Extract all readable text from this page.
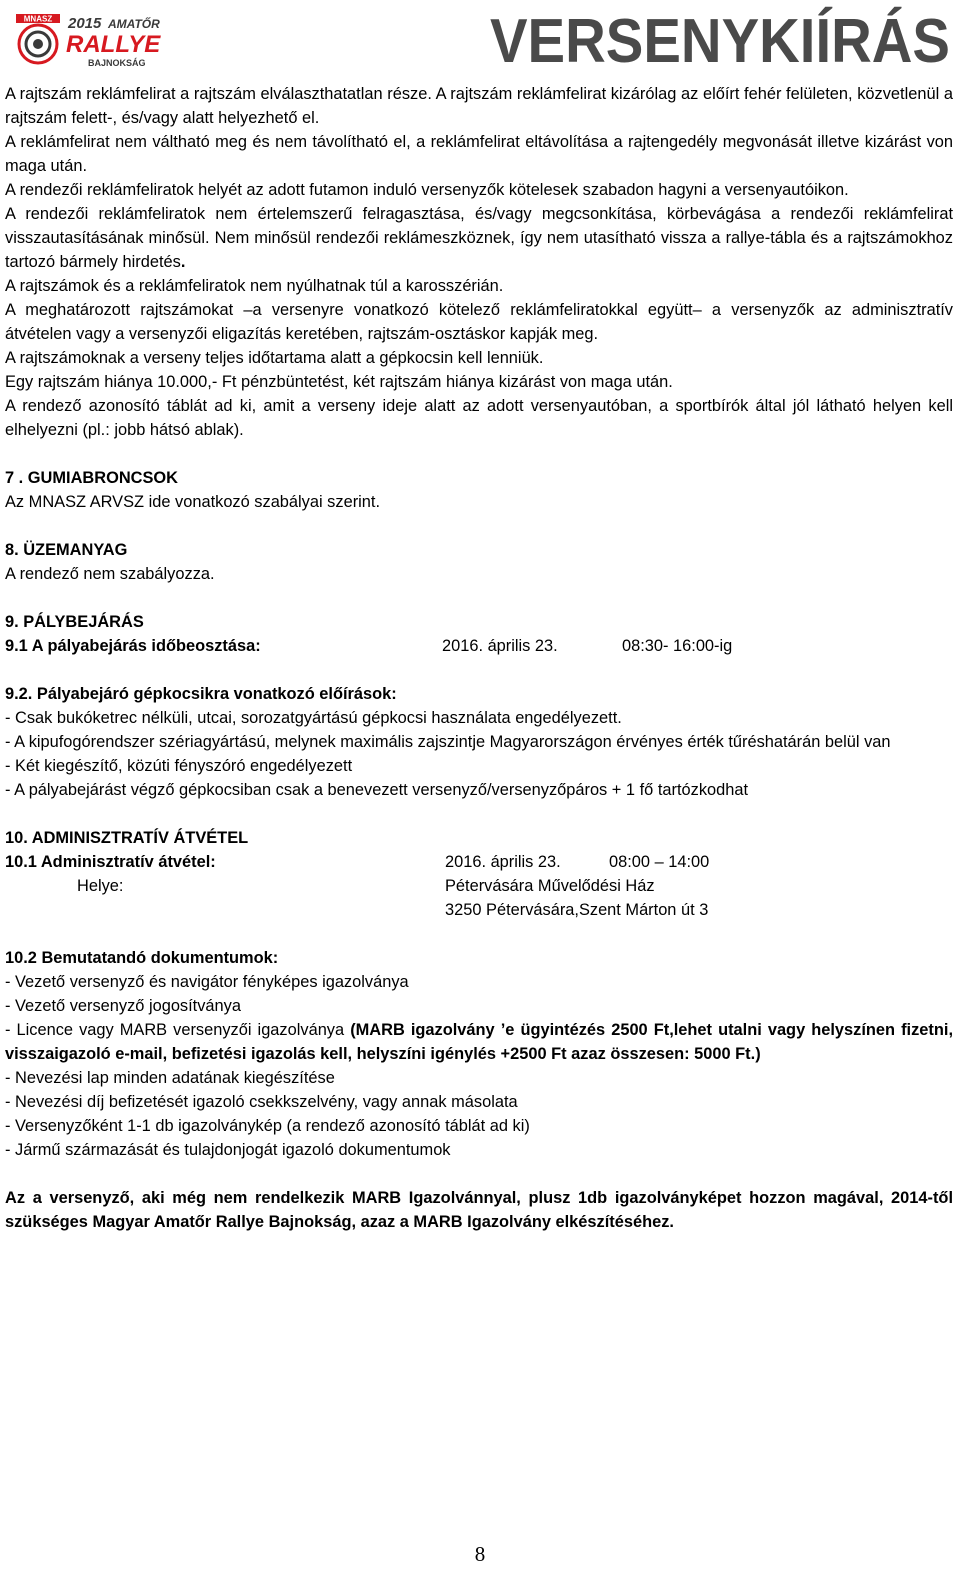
MNASZ 2015 AMATŐR
RALLYE
BAJNOKSÁG	VERSENYKIÍRÁS

A rajtszám reklámfelirat a rajtszám elválaszthatatlan része. A rajtszám reklámfelirat kizárólag az előírt fehér felületen, közvetlenül a rajtszám felett-, és/vagy alatt helyezhető el.

A reklámfelirat nem váltható meg és nem távolítható el, a reklámfelirat eltávolítása a rajtengedély megvonását illetve kizárást von maga után.

A rendezői reklámfeliratok helyét az adott futamon induló versenyzők kötelesek szabadon hagyni a versenyautóikon.

A rendezői reklámfeliratok nem értelemszerű felragasztása, és/vagy megcsonkítása, körbevágása a rendezői reklámfelirat visszautasításának minősül. Nem minősül rendezői reklámeszköznek, így nem utasítható vissza a rallye-tábla és a rajtszámokhoz tartozó bármely hirdetés.

A rajtszámok és a reklámfeliratok nem nyúlhatnak túl a karosszérián.

A meghatározott rajtszámokat –a versenyre vonatkozó kötelező reklámfeliratokkal együtt– a versenyzők az adminisztratív átvételen vagy a versenyzői eligazítás keretében, rajtszám-osztáskor kapják meg.

A rajtszámoknak a verseny teljes időtartama alatt a gépkocsin kell lenniük.

Egy rajtszám hiánya 10.000,- Ft pénzbüntetést, két rajtszám hiánya kizárást von maga után.

A rendező azonosító táblát ad ki, amit a verseny ideje alatt az adott versenyautóban, a sportbírók által jól látható helyen kell elhelyezni (pl.: jobb hátsó ablak).

7 . GUMIABRONCSOK

Az MNASZ ARVSZ ide vonatkozó szabályai szerint.

8. ÜZEMANYAG

A rendező nem szabályozza.

9. PÁLYBEJÁRÁS

9.1 A pályabejárás időbeosztása:	2016. április 23.	08:30- 16:00-ig

9.2. Pályabejáró gépkocsikra vonatkozó előírások:

- Csak bukóketrec nélküli, utcai, sorozatgyártású gépkocsi használata engedélyezett.

- A kipufogórendszer szériagyártású, melynek maximális zajszintje Magyarországon érvényes érték tűréshatárán belül van

- Két kiegészítő, közúti fényszóró engedélyezett

- A pályabejárást végző gépkocsiban csak a benevezett versenyző/versenyzőpáros + 1 fő tartózkodhat

10. ADMINISZTRATÍV ÁTVÉTEL

10.1 Adminisztratív átvétel:	2016. április 23.	08:00 – 14:00
Helye:	Pétervására Művelődési Ház
3250 Pétervására,Szent Márton út 3

10.2 Bemutatandó dokumentumok:

- Vezető versenyző és navigátor fényképes igazolványa

- Vezető versenyző jogosítványa

- Licence vagy MARB versenyzői igazolványa (MARB igazolvány ’e ügyintézés 2500 Ft,lehet utalni vagy helyszínen fizetni, visszaigazoló e-mail, befizetési igazolás kell, helyszíni igénylés +2500 Ft azaz összesen: 5000 Ft.)

- Nevezési lap minden adatának kiegészítése

- Nevezési díj befizetését igazoló csekkszelvény, vagy annak másolata

- Versenyzőként 1-1 db igazolványkép (a rendező azonosító táblát ad ki)

- Jármű származását és tulajdonjogát igazoló dokumentumok

Az a versenyző, aki még nem rendelkezik MARB Igazolvánnyal, plusz 1db igazolványképet hozzon magával, 2014-től szükséges Magyar Amatőr Rallye Bajnokság, azaz a MARB Igazolvány elkészítéséhez.

8
